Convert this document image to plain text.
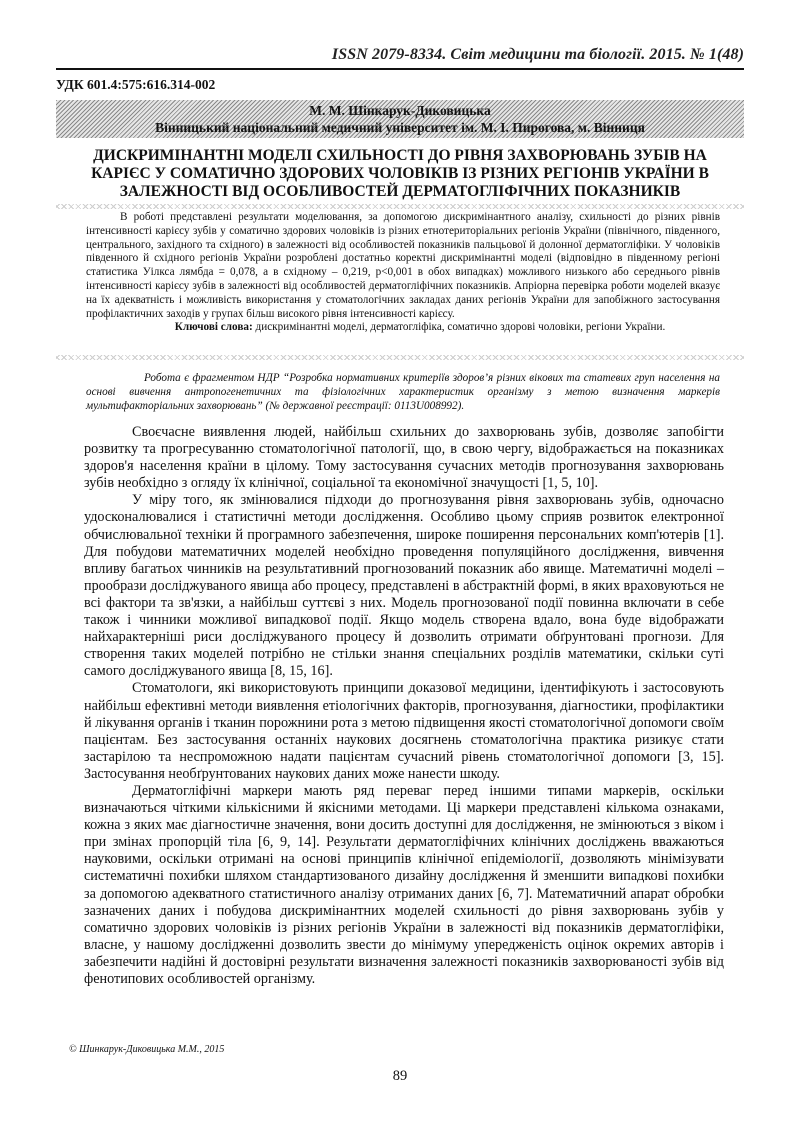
ISSN 2079-8334. Світ медицини та біології. 2015. № 1(48)
УДК 601.4:575:616.314-002
М. М. Шінкарук-Диковицька
Вінницький національний медичний університет ім. М. І. Пирогова, м. Вінниця
ДИСКРИМІНАНТНІ МОДЕЛІ СХИЛЬНОСТІ ДО РІВНЯ ЗАХВОРЮВАНЬ ЗУБІВ НА
КАРІЄС У СОМАТИЧНО ЗДОРОВИХ ЧОЛОВІКІВ ІЗ РІЗНИХ РЕГІОНІВ УКРАЇНИ В
ЗАЛЕЖНОСТІ ВІД ОСОБЛИВОСТЕЙ ДЕРМАТОГЛІФІЧНИХ ПОКАЗНИКІВ

В роботі представлені результати моделювання, за допомогою дискримінантного аналізу, схильності до різних рівнів інтенсивності карієсу зубів у соматично здорових чоловіків із різних етнотериторіальних регіонів України (північного, південного, центрального, західного та східного) в залежності від особливостей показників пальцьової й долонної дерматогліфіки. У чоловіків південного й східного регіонів України розроблені достатньо коректні дискримінантні моделі (відповідно в південному регіоні статистика Уілкса лямбда = 0,078, а в східному – 0,219, p<0,001 в обох випадках) можливого низького або середнього рівнів інтенсивності карієсу зубів в залежності від особливостей дерматогліфічних показників. Апріорна перевірка роботи моделей вказує на їх адекватність і можливість використання у стоматологічних закладах даних регіонів України для запобіжного застосування профілактичних заходів у групах більш високого рівня інтенсивності карієсу.

Ключові слова: дискримінантні моделі, дерматогліфіка, соматично здорові чоловіки, регіони України.

Робота є фрагментом НДР “Розробка нормативних критеріїв здоров’я різних вікових та статевих груп населення на основі вивчення антропогенетичних та фізіологічних характеристик організму з метою визначення маркерів мультифакторіальних захворювань” (№ державної реєстрації: 0113U008992).

Своєчасне виявлення людей, найбільш схильних до захворювань зубів, дозволяє запобігти розвитку та прогресуванню стоматологічної патології, що, в свою чергу, відображається на показниках здоров'я населення країни в цілому. Тому застосування сучасних методів прогнозування захворювань зубів необхідно з огляду їх клінічної, соціальної та економічної значущості [1, 5, 10].

У міру того, як змінювалися підходи до прогнозування рівня захворювань зубів, одночасно удосконалювалися і статистичні методи дослідження. Особливо цьому сприяв розвиток електронної обчислювальної техніки й програмного забезпечення, широке поширення персональних комп'ютерів [1]. Для побудови математичних моделей необхідно проведення популяційного дослідження, вивчення впливу багатьох чинників на результативний прогнозований показник або явище. Математичні моделі – прообрази досліджуваного явища або процесу, представлені в абстрактній формі, в яких враховуються не всі фактори та зв'язки, а найбільш суттєві з них. Модель прогнозованої події повинна включати в себе також і чинники можливої випадкової події. Якщо модель створена вдало, вона буде відображати найхарактерніші риси досліджуваного процесу й дозволить отримати обґрунтовані прогнози. Для створення таких моделей потрібно не стільки знання спеціальних розділів математики, скільки суті самого досліджуваного явища [8, 15, 16].

Стоматологи, які використовують принципи доказової медицини, ідентифікують і застосовують найбільш ефективні методи виявлення етіологічних факторів, прогнозування, діагностики, профілактики й лікування органів і тканин порожнини рота з метою підвищення якості стоматологічної допомоги своїм пацієнтам. Без застосування останніх наукових досягнень стоматологічна практика ризикує стати застарілою та неспроможною надати пацієнтам сучасний рівень стоматологічної допомоги [3, 15]. Застосування необґрунтованих наукових даних може нанести шкоду.

Дерматогліфічні маркери мають ряд переваг перед іншими типами маркерів, оскільки визначаються чіткими кількісними й якісними методами. Ці маркери представлені кількома ознаками, кожна з яких має діагностичне значення, вони досить доступні для дослідження, не змінюються з віком і при змінах пропорцій тіла [6, 9, 14]. Результати дерматогліфічних клінічних досліджень вважаються науковими, оскільки отримані на основі принципів клінічної епідеміології, дозволяють мінімізувати систематичні похибки шляхом стандартизованого дизайну дослідження й зменшити випадкові похибки за допомогою адекватного статистичного аналізу отриманих даних [6, 7]. Математичний апарат обробки зазначених даних і побудова дискримінантних моделей схильності до рівня захворювань зубів у соматично здорових чоловіків із різних регіонів України в залежності від показників дерматогліфіки, власне, у нашому дослідженні дозволить звести до мінімуму упередженість оцінок окремих авторів і забезпечити надійні й достовірні результати визначення залежності показників захворюваності зубів від фенотипових особливостей організму.

© Шинкарук-Диковицька М.М., 2015
89
